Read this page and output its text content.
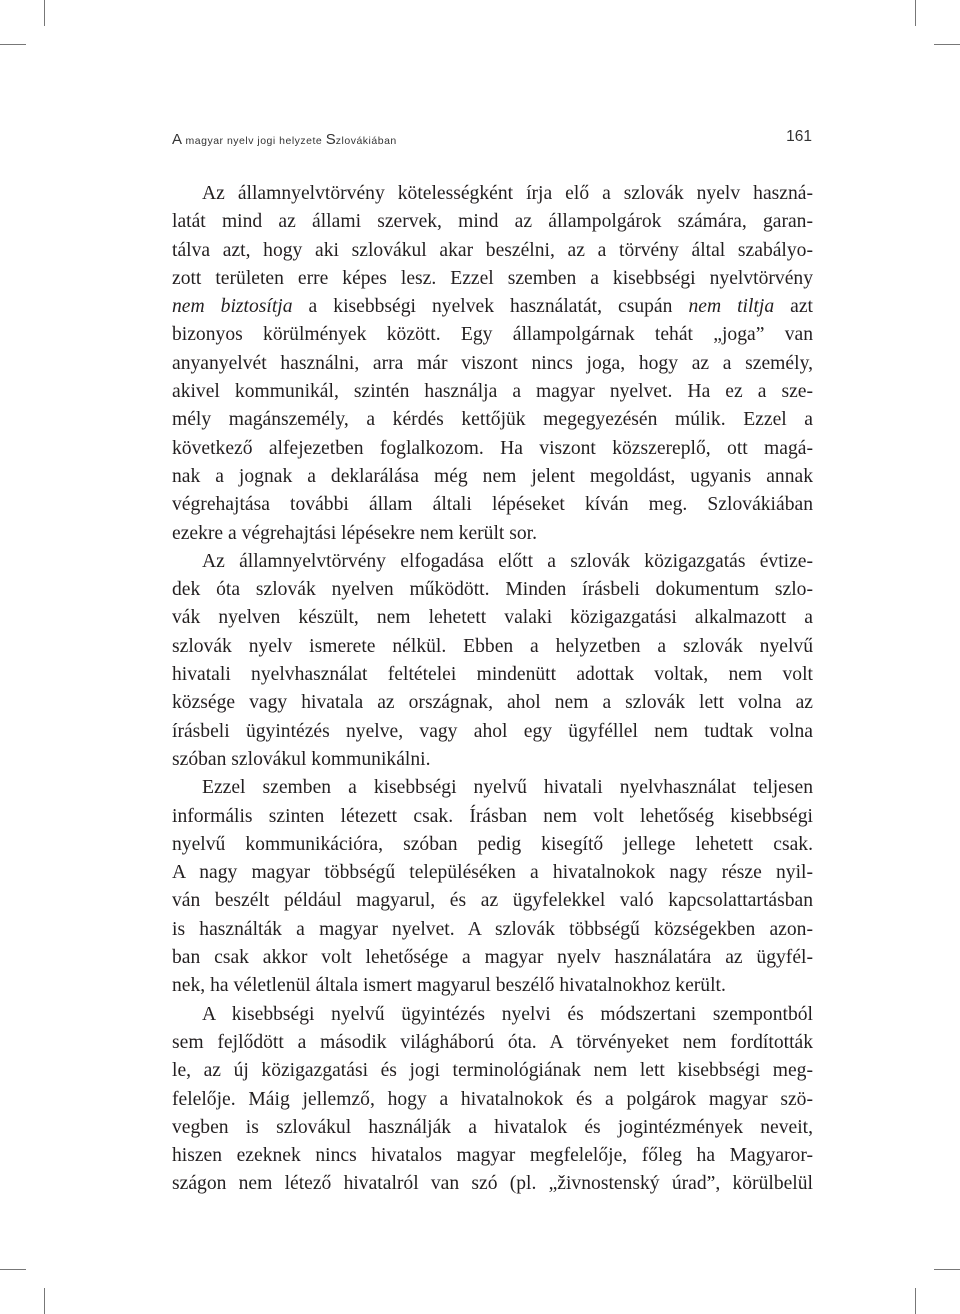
A magyar nyelv jogi helyzete Szlovákiában	161
Az államnyelvtörvény kötelességként írja elő a szlovák nyelv haszná-
latát mind az állami szervek, mind az állampolgárok számára, garan-
tálva azt, hogy aki szlovákul akar beszélni, az a törvény által szabályo-
zott területen erre képes lesz. Ezzel szemben a kisebbségi nyelvtörvény
nem biztosítja a kisebbségi nyelvek használatát, csupán nem tiltja azt
bizonyos körülmények között. Egy állampolgárnak tehát „joga” van
anyanyelvét használni, arra már viszont nincs joga, hogy az a személy,
akivel kommunikál, szintén használja a magyar nyelvet. Ha ez a sze-
mély magánszemély, a kérdés kettőjük megegyezésén múlik. Ezzel a
következő alfejezetben foglalkozom. Ha viszont közszereplő, ott magá-
nak a jognak a deklarálása még nem jelent megoldást, ugyanis annak
végrehajtása további állam általi lépéseket kíván meg. Szlovákiában
ezekre a végrehajtási lépésekre nem került sor.
Az államnyelvtörvény elfogadása előtt a szlovák közigazgatás évtize-
dek óta szlovák nyelven működött. Minden írásbeli dokumentum szlo-
vák nyelven készült, nem lehetett valaki közigazgatási alkalmazott a
szlovák nyelv ismerete nélkül. Ebben a helyzetben a szlovák nyelvű
hivatali nyelvhasználat feltételei mindenütt adottak voltak, nem volt
községe vagy hivatala az országnak, ahol nem a szlovák lett volna az
írásbeli ügyintézés nyelve, vagy ahol egy ügyféllel nem tudtak volna
szóban szlovákul kommunikálni.
Ezzel szemben a kisebbségi nyelvű hivatali nyelvhasználat teljesen
informális szinten létezett csak. Írásban nem volt lehetőség kisebbségi
nyelvű kommunikációra, szóban pedig kisegítő jellege lehetett csak.
A nagy magyar többségű településéken a hivatalnokok nagy része nyil-
ván beszélt például magyarul, és az ügyfelekkel való kapcsolattartásban
is használták a magyar nyelvet. A szlovák többségű községekben azon-
ban csak akkor volt lehetősége a magyar nyelv használatára az ügyfél-
nek, ha véletlenül általa ismert magyarul beszélő hivatalnokhoz került.
A kisebbségi nyelvű ügyintézés nyelvi és módszertani szempontból
sem fejlődött a második világháború óta. A törvényeket nem fordították
le, az új közigazgatási és jogi terminológiának nem lett kisebbségi meg-
felelője. Máig jellemző, hogy a hivatalnokok és a polgárok magyar szö-
vegben is szlovákul használják a hivatalok és jogintézmények neveit,
hiszen ezeknek nincs hivatalos magyar megfelelője, főleg ha Magyaror-
szágon nem létező hivatalról van szó (pl. „živnostenský úrad”, körülbelül
